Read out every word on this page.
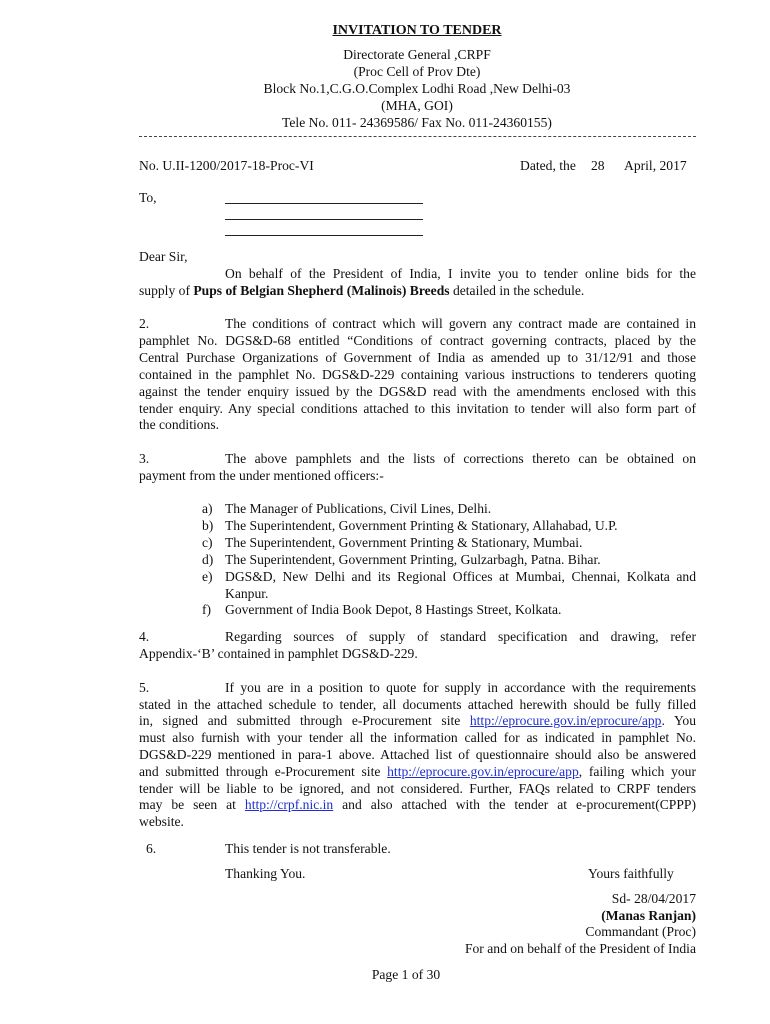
INVITATION TO TENDER
Directorate General ,CRPF
(Proc Cell of Prov Dte)
Block No.1,C.G.O.Complex Lodhi Road ,New Delhi-03
(MHA, GOI)
Tele No. 011- 24369586/ Fax No. 011-24360155)
No. U.II-1200/2017-18-Proc-VI	Dated, the 28 April, 2017
To,
Dear Sir,
On behalf of the President of India, I invite you to tender online bids for the
supply of Pups of Belgian Shepherd (Malinois) Breeds detailed in the schedule.
2.	The conditions of contract which will govern any contract made are contained in
pamphlet No. DGS&D-68 entitled “Conditions of contract governing contracts, placed by the
Central Purchase Organizations of Government of India as amended up to 31/12/91 and those
contained in the pamphlet No. DGS&D-229 containing various instructions to tenderers quoting
against the tender enquiry issued by the DGS&D read with the amendments enclosed with this
tender enquiry. Any special conditions attached to this invitation to tender will also form part of
the conditions.
3.	The above pamphlets and the lists of corrections thereto can be obtained on
payment from the under mentioned officers:-
a) The Manager of Publications, Civil Lines, Delhi.
b) The Superintendent, Government Printing & Stationary, Allahabad, U.P.
c) The Superintendent, Government Printing & Stationary, Mumbai.
d) The Superintendent, Government Printing, Gulzarbagh, Patna. Bihar.
e) DGS&D, New Delhi and its Regional Offices at Mumbai, Chennai, Kolkata and
Kanpur.
f) Government of India Book Depot, 8 Hastings Street, Kolkata.
4.	Regarding sources of supply of standard specification and drawing, refer
Appendix-‘B’ contained in pamphlet DGS&D-229.
5.	If you are in a position to quote for supply in accordance with the requirements
stated in the attached schedule to tender, all documents attached herewith should be fully filled
in, signed and submitted through e-Procurement site http://eprocure.gov.in/eprocure/app. You
must also furnish with your tender all the information called for as indicated in pamphlet No.
DGS&D-229 mentioned in para-1 above. Attached list of questionnaire should also be answered
and submitted through e-Procurement site http://eprocure.gov.in/eprocure/app, failing which your
tender will be liable to be ignored, and not considered. Further, FAQs related to CRPF tenders
may be seen at http://crpf.nic.in and also attached with the tender at e-procurement(CPPP)
website.
6.	This tender is not transferable.
Thanking You.	Yours faithfully
Sd- 28/04/2017
(Manas Ranjan)
Commandant (Proc)
For and on behalf of the President of India
Page 1 of 30
